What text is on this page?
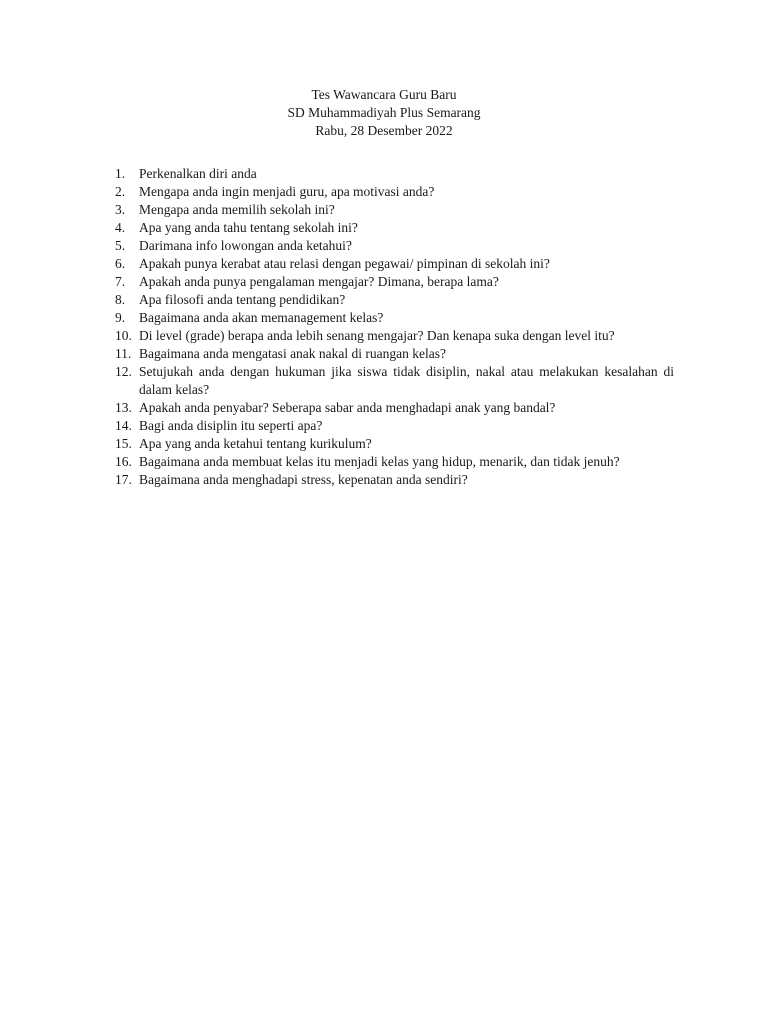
Tes Wawancara Guru Baru
SD Muhammadiyah Plus Semarang
Rabu, 28 Desember 2022
1.	Perkenalkan diri anda
2.	Mengapa anda ingin menjadi guru, apa motivasi anda?
3.	Mengapa anda memilih sekolah ini?
4.	Apa yang anda tahu tentang sekolah ini?
5.	Darimana info lowongan anda ketahui?
6.	Apakah punya kerabat atau relasi dengan pegawai/ pimpinan di sekolah ini?
7.	Apakah anda punya pengalaman mengajar? Dimana, berapa lama?
8.	Apa filosofi anda tentang pendidikan?
9.	Bagaimana anda akan memanagement kelas?
10. Di level (grade) berapa anda lebih senang mengajar? Dan kenapa suka dengan level itu?
11. Bagaimana anda mengatasi anak nakal di ruangan kelas?
12. Setujukah anda dengan hukuman jika siswa tidak disiplin, nakal atau melakukan kesalahan di dalam kelas?
13. Apakah anda penyabar? Seberapa sabar anda menghadapi anak yang bandal?
14. Bagi anda disiplin itu seperti apa?
15. Apa yang anda ketahui tentang kurikulum?
16. Bagaimana anda membuat kelas itu menjadi kelas yang hidup, menarik, dan tidak jenuh?
17. Bagaimana anda menghadapi stress, kepenatan anda sendiri?
